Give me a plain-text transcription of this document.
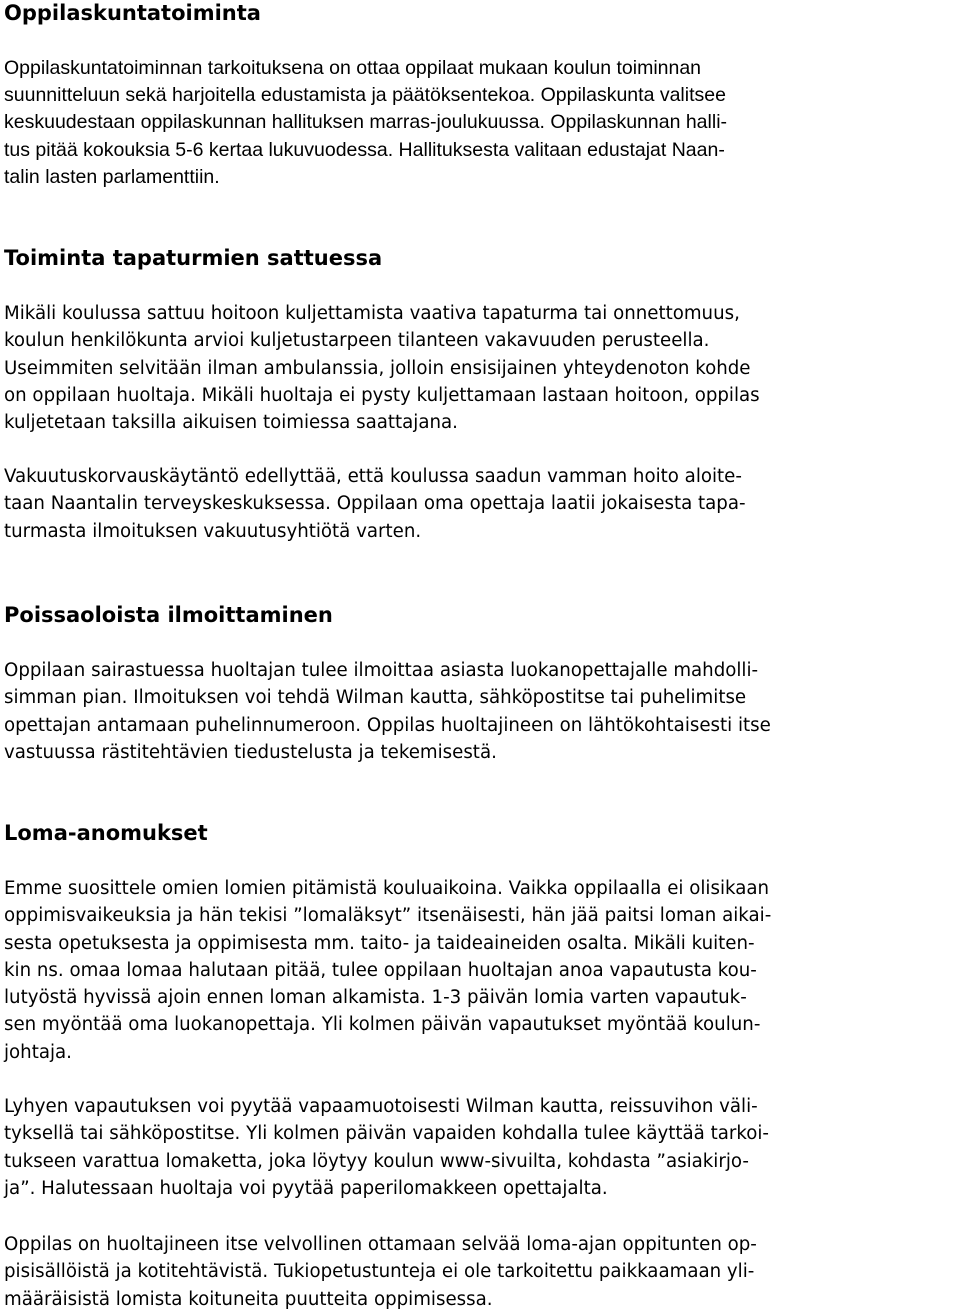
Oppilaskuntatoiminta

Oppilaskuntatoiminnan tarkoituksena on ottaa oppilaat mukaan koulun toiminnan
suunnitteluun sekä harjoitella edustamista ja päätöksentekoa. Oppilaskunta valitsee
keskuudestaan oppilaskunnan hallituksen marras-joulukuussa. Oppilaskunnan halli-
tus pitää kokouksia 5-6 kertaa lukuvuodessa. Hallituksesta valitaan edustajat Naan-
talin lasten parlamenttiin.

Toiminta tapaturmien sattuessa

Mikäli koulussa sattuu hoitoon kuljettamista vaativa tapaturma tai onnettomuus,
koulun henkilökunta arvioi kuljetustarpeen tilanteen vakavuuden perusteella.
Useimmiten selvitään ilman ambulanssia, jolloin ensisijainen yhteydenoton kohde
on oppilaan huoltaja. Mikäli huoltaja ei pysty kuljettamaan lastaan hoitoon, oppilas
kuljetetaan taksilla aikuisen toimiessa saattajana.

Vakuutuskorvauskäytäntö edellyttää, että koulussa saadun vamman hoito aloite-
taan Naantalin terveyskeskuksessa. Oppilaan oma opettaja laatii jokaisesta tapa-
turmasta ilmoituksen vakuutusyhtiötä varten.

Poissaoloista ilmoittaminen

Oppilaan sairastuessa huoltajan tulee ilmoittaa asiasta luokanopettajalle mahdolli-
simman pian. Ilmoituksen voi tehdä Wilman kautta, sähköpostitse tai puhelimitse
opettajan antamaan puhelinnumeroon. Oppilas huoltajineen on lähtökohtaisesti itse
vastuussa rästitehtävien tiedustelusta ja tekemisestä.

Loma-anomukset

Emme suosittele omien lomien pitämistä kouluaikoina. Vaikka oppilaalla ei olisikaan
oppimisvaikeuksia ja hän tekisi ”lomaläksyt” itsenäisesti, hän jää paitsi loman aikai-
sesta opetuksesta ja oppimisesta mm. taito- ja taideaineiden osalta. Mikäli kuiten-
kin ns. omaa lomaa halutaan pitää, tulee oppilaan huoltajan anoa vapautusta kou-
lutyöstä hyvissä ajoin ennen loman alkamista. 1-3 päivän lomia varten vapautuk-
sen myöntää oma luokanopettaja. Yli kolmen päivän vapautukset myöntää koulun-
johtaja.

Lyhyen vapautuksen voi pyytää vapaamuotoisesti Wilman kautta, reissuvihon väli-
tyksellä tai sähköpostitse. Yli kolmen päivän vapaiden kohdalla tulee käyttää tarkoi-
tukseen varattua lomaketta, joka löytyy koulun www-sivuilta, kohdasta ”asiakirjo-
ja”. Halutessaan huoltaja voi pyytää paperilomakkeen opettajalta.

Oppilas on huoltajineen itse velvollinen ottamaan selvää loma-ajan oppitunten op-
pisisällöistä ja kotitehtävistä. Tukiopetustunteja ei ole tarkoitettu paikkaamaan yli-
määräisistä lomista koituneita puutteita oppimisessa.
